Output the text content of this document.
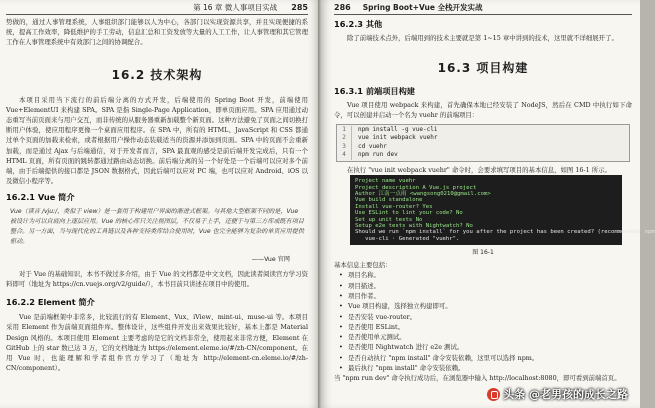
第 16 章 微人事项目实战 285

势做的，通过人事管理系统，人事组织部门能够以人为中心，各部门以实现资源共享，并且实现便捷的系统，提高工作效率，降低维护的手工劳动，信息汇总和工资发放等大量的人工工作，让人事管理和其它管理工作在人事管理系统中有效部门之间的协调配合。

16.2 技术架构

本项目采用当下流行的前后端分离的方式开发，后端使用的 Spring Boot 开发，前端使用 Vue+ElementUI 来构建 SPA。SPA 是指 Single-Page Application，即单页面应用。SPA 应用通过动态重写当前页面来与用户交互，而非传统的从服务器重新加载整个新页面。这种方法避免了页面之间切换打断用户体验，使应用程序更像一个桌面应用程序。在 SPA 中，所有的 HTML、JavaScript 和 CSS 都通过单个页面的加载来检索，或者根据用户操作动态装载适当的资源并添加到页面。SPA 中的页面不会重新加载，而是通过 Ajax 与后端通信，对于开发者而言，SPA 最直观的感受是前后端开发完成后，只有一个 HTML 页面，所有页面的跳转都通过路由动态切换。前后端分离的另一个好处是一个后端可以应对多个前端，由于后端提供的接口都是 JSON 数据格式，因此后端可以应对 PC 端，也可以应对 Android、iOS 以及微信小程序等。

16.2.1 Vue 简介

Vue（读音 /vjuː/，类似于 view）是一套用于构建用户界面的渐进式框架。与其他大型框架不同的是，Vue 被设计为可以自底向上逐层应用。Vue 的核心库只关注视图层，不仅易于上手，还便于与第三方库或既有项目整合。另一方面，当与现代化的工具链以及各种支持类库结合使用时，Vue 也完全能够为复杂的单页应用提供驱动。

——Vue 官网

对于 Vue 的基础知识，本书不做过多介绍，由于 Vue 的文档都是中文文档，因此读者阅读官方学习资料即可（地址为 https://cn.vuejs.org/v2/guide/），本书目前只讲述在项目中的使用。

16.2.2 Element 简介

Vue 是前端框架中非常多，比较流行的有 Element、Vux、iView、mint-ui、muse-ui 等。本项目采用 Element 作为前端页面组件库。整体设计，这些组件开发出来效果比较好，基本上都是 Material Design 风格的。本项目使用 Element 主要考虑的是它的文档非常全，使用起来非常方便，Element 在 GitHub 上的 star 数已达 3 万，它的文档地址为 https://element.eleme.io/#/zh-CN/component。在用 Vue 时，也能理解和学者组件官方学习了（地址为 http://element-cn.eleme.io/#/zh-CN/component）。

286 Spring Boot+Vue 全栈开发实战
16.2.3 其他

除了前端技术点外，后端用到的技术主要就是第 1~15 章中讲到的技术，这里就不详细展开了。

16.3 项目构建
16.3.1 前端项目构建

Vue 项目使用 webpack 来构建，首先确保本地已经安装了 NodeJS，然后在 CMD 中执行如下命令，可以创建并启动一个名为 vuehr 的前端项目：

1	npm install -g vue-cli
2	vue init webpack vuehr
3	cd vuehr
4	npm run dev

在执行 "vue init webpack vuehr" 命令时，会要求填写项目的基本信息，如图 16-1 所示。

Project name vuehr
Project description A Vue.js project
Author 江南一点雨 <wangsong0210@gmail.com>
Vue build standalone
Install vue-router? Yes
Use ESLint to lint your code? No
Set up unit tests No
Setup e2e tests with Nightwatch? No
Should we run `npm install` for you after the project has been created? (recommended) npm
vue-cli · Generated "vuehr".

图 16-1

基本信息主要包括：

• 项目名称。

• 项目描述。

• 项目作者。

• Vue 项目构建，选择独立构建即可。

• 是否安装 vue-router。

• 是否使用 ESLint。

• 是否使用单元测试。

• 是否使用 Nightwatch 进行 e2e 测试。

• 是否自动执行 "npm install" 命令安装依赖，这里可以选择 npm。

• 最后执行 "npm install" 命令安装依赖。

当 "npm run dev" 命令执行成功后，在浏览器中输入 http://localhost:8080，即可看到前端首页。

头条 @老男孩的成长之路
